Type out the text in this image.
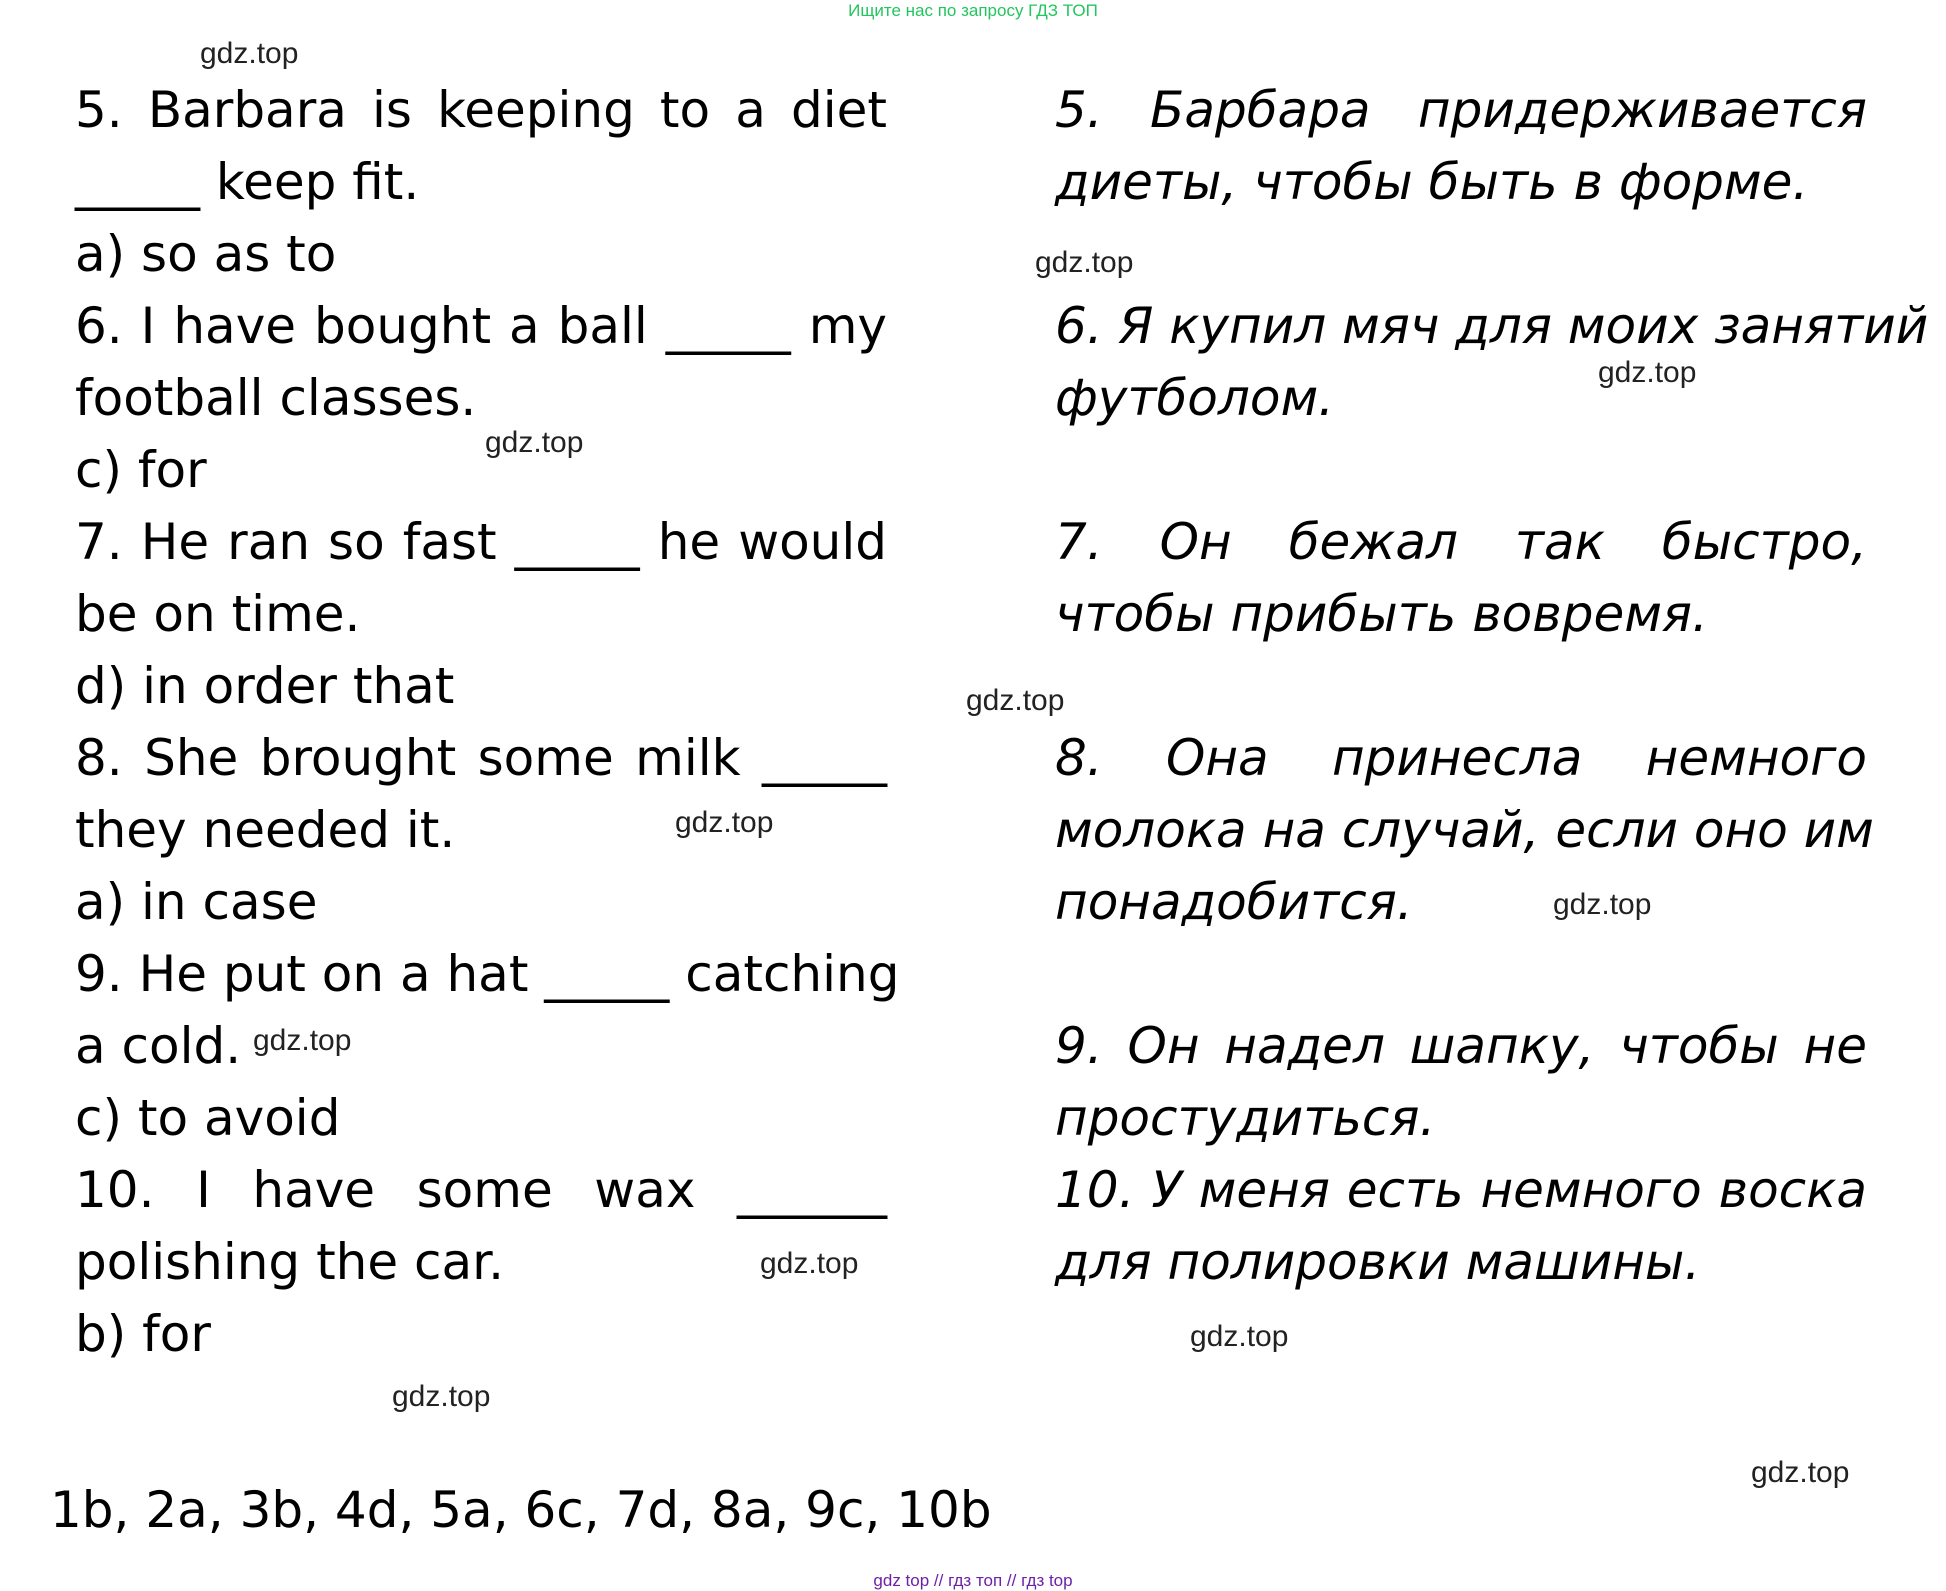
Ищите нас по запросу ГДЗ ТОП
gdz.top
gdz.top
gdz.top
gdz.top
gdz.top
gdz.top
gdz.top
gdz.top
gdz.top
gdz.top
gdz.top
gdz.top
5. Barbara is keeping to a diet
_____ keep fit.
a) so as to
6. I have bought a ball _____ my
football classes.
c) for
7. He ran so fast _____ he would
be on time.
d) in order that
8. She brought some milk _____
they needed it.
a) in case
9. He put on a hat _____ catching
a cold.
c) to avoid
10. I have some wax ______
polishing the car.
b) for
5. Барбара придерживается
диеты, чтобы быть в форме.
6. Я купил мяч для моих занятий
футболом.
7. Он бежал так быстро,
чтобы прибыть вовремя.
8. Она принесла немного
молока на случай, если оно им
понадобится.
9. Он надел шапку, чтобы не
простудиться.
10. У меня есть немного воска
для полировки машины.
1b, 2a, 3b, 4d, 5a, 6c, 7d, 8a, 9c, 10b
gdz top // гдз топ // гдз top
